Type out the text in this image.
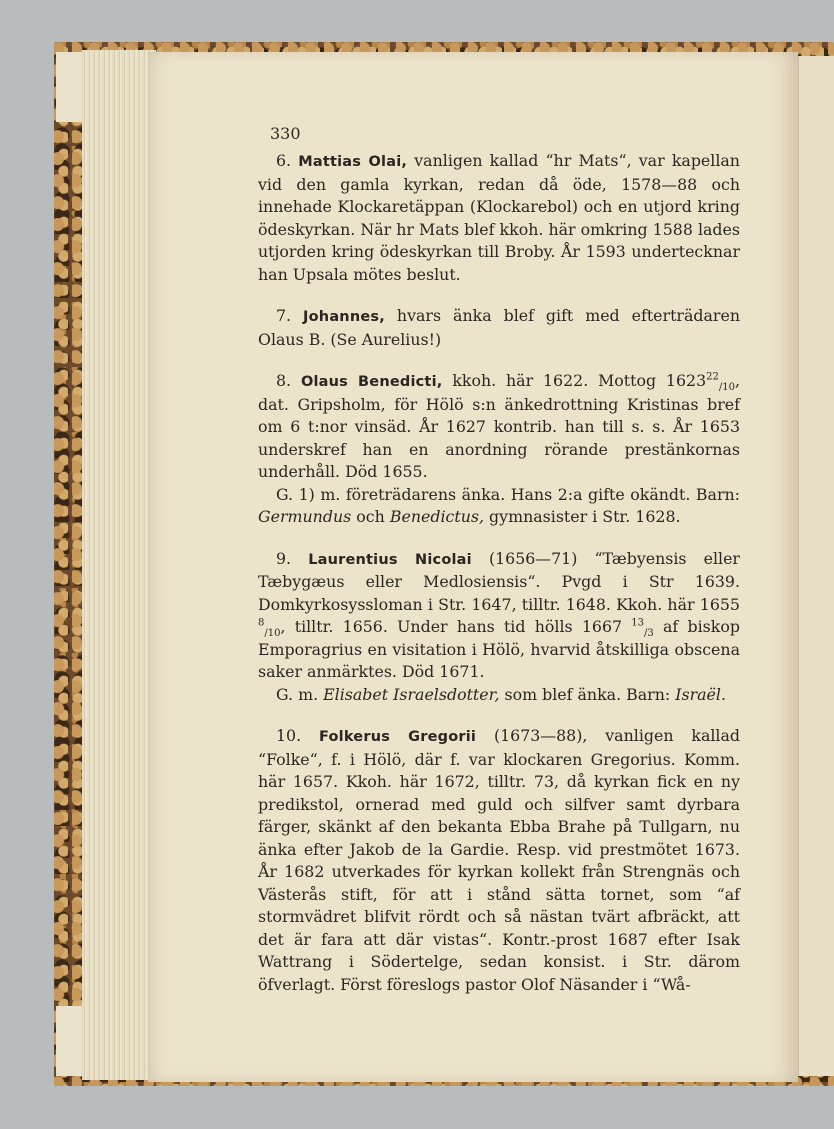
330

6. Mattias Olai, vanligen kallad “hr Mats“, var kapellan vid den gamla kyrkan, redan då öde, 1578—88 och innehade Klockaretäppan (Klockarebol) och en utjord kring ödeskyrkan. När hr Mats blef kkoh. här omkring 1588 lades utjorden kring ödeskyrkan till Broby. År 1593 undertecknar han Upsala mötes beslut.

7. Johannes, hvars änka blef gift med efterträdaren Olaus B. (Se Aurelius!)

8. Olaus Benedicti, kkoh. här 1622. Mottog $1623^{22}_{/10}$, dat. Gripsholm, för Hölö s:n änkedrottning Kristinas bref om 6 t:nor vinsäd. År 1627 kontrib. han till s. s. År 1653 underskref han en anordning rörande prestänkornas underhåll. Död 1655.

G. 1) m. företrädarens änka. Hans 2:a gifte okändt. Barn: Germundus och Benedictus, gymnasister i Str. 1628.

9. Laurentius Nicolai (1656—71) “Tæbyensis eller Tæbygæus eller Medlosiensis“. Pvgd i Str 1639. Domkyrkosyssloman i Str. 1647, tilltr. 1648. Kkoh. här 1655 $^8_{/10}$, tilltr. 1656. Under hans tid hölls 1667 $^{13}_{/3}$ af biskop Emporagrius en visitation i Hölö, hvarvid åtskilliga obscena saker anmärktes. Död 1671.

G. m. Elisabet Israelsdotter, som blef änka. Barn: Israël.

10. Folkerus Gregorii (1673—88), vanligen kallad “Folke“, f. i Hölö, där f. var klockaren Gregorius. Komm. här 1657. Kkoh. här 1672, tilltr. 73, då kyrkan fick en ny predikstol, ornerad med guld och silfver samt dyrbara färger, skänkt af den bekanta Ebba Brahe på Tullgarn, nu änka efter Jakob de la Gardie. Resp. vid prestmötet 1673. År 1682 utverkades för kyrkan kollekt från Strengnäs och Västerås stift, för att i stånd sätta tornet, som “af stormvädret blifvit rördt och så nästan tvärt afbräckt, att det är fara att där vistas“. Kontr.-prost 1687 efter Isak Wattrang i Södertelge, sedan konsist. i Str. därom öfverlagt. Först föreslogs pastor Olof Näsander i “Wå-
